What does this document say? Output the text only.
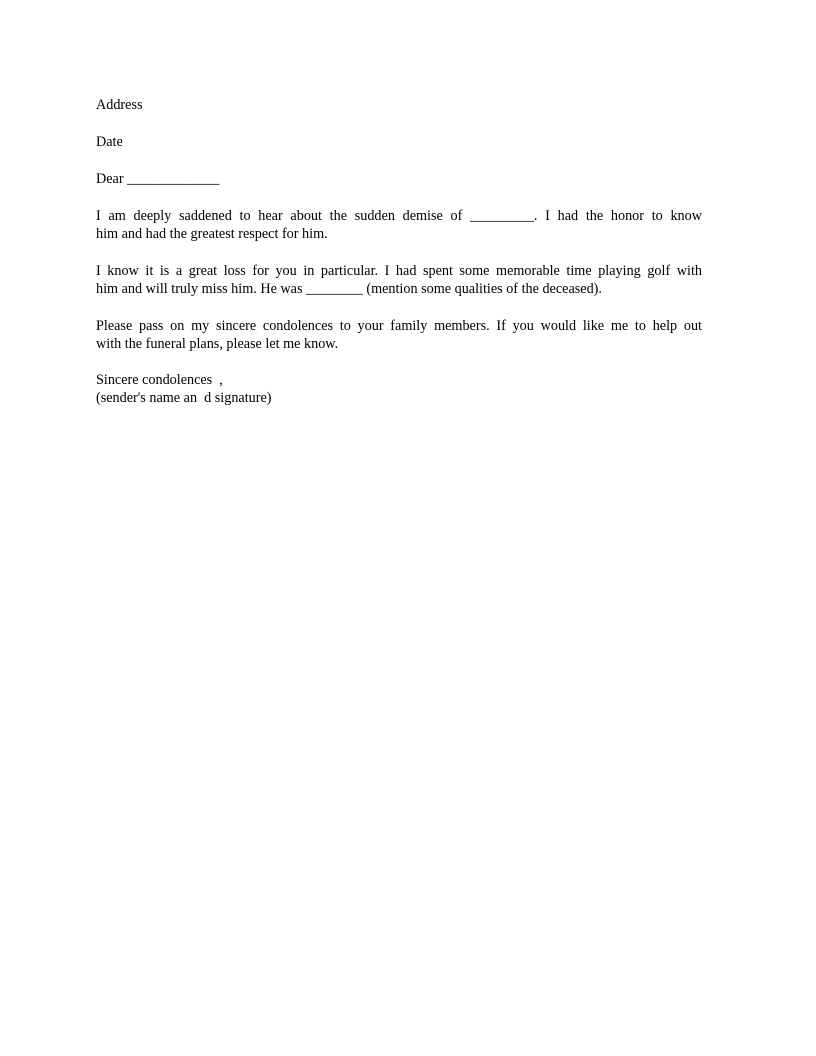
Address

Date

Dear _____________

I am deeply saddened to hear about the sudden demise of _________. I had the honor to know
him and had the greatest respect for him.
I know it is a great loss for you in particular. I had spent some memorable time playing golf with
him and will truly miss him. He was ________ (mention some qualities of the deceased).
Please pass on my sincere condolences to your family members. If you would like me to help out
with the funeral plans, please let me know.

Sincere condolences  ,

(sender's name an  d signature)
